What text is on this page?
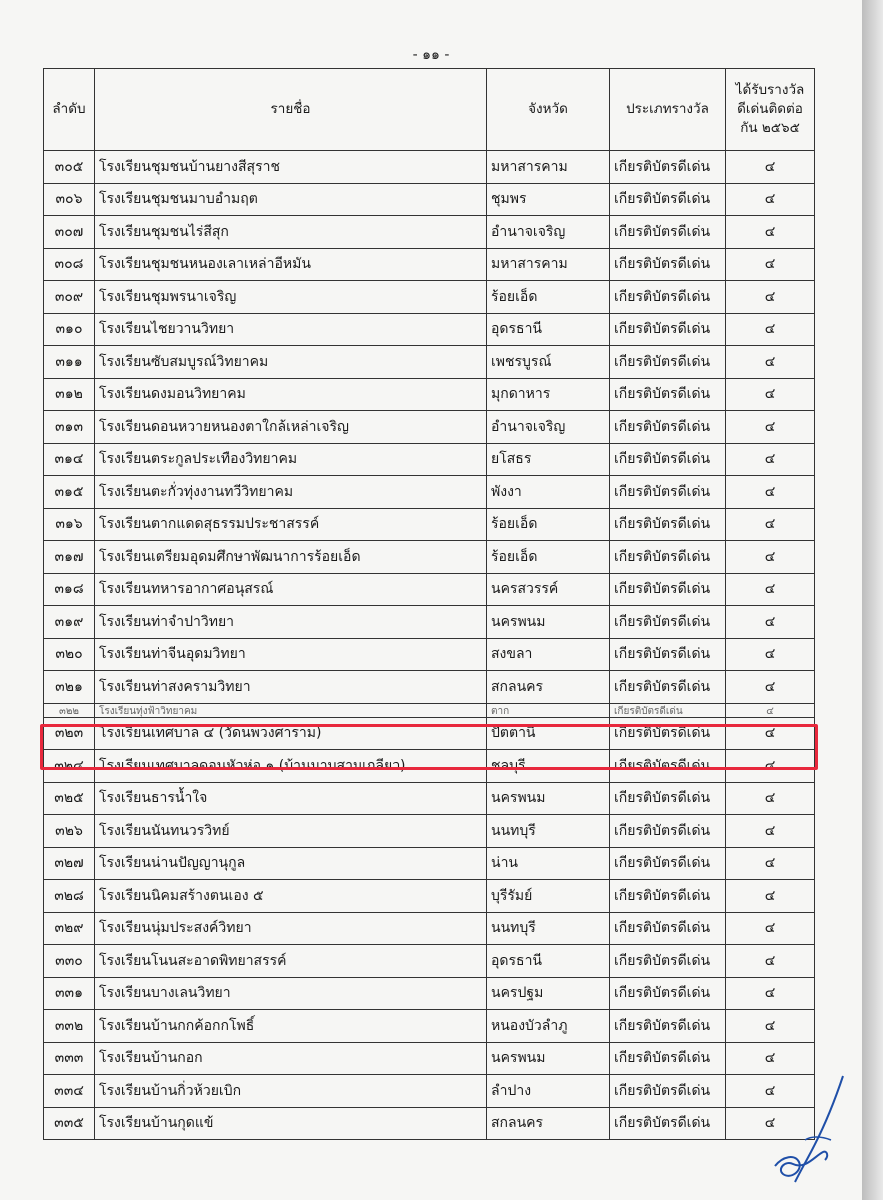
- ๑๑ -
ลำดับ	รายชื่อ	จังหวัด	ประเภทรางวัล	ได้รับรางวัล ดีเด่นติดต่อกัน ๒๕๖๕
๓๐๕	โรงเรียนชุมชนบ้านยางสีสุราช	มหาสารคาม	เกียรติบัตรดีเด่น	๔
๓๐๖	โรงเรียนชุมชนมาบอำมฤต	ชุมพร	เกียรติบัตรดีเด่น	๔
๓๐๗	โรงเรียนชุมชนไร่สีสุก	อำนาจเจริญ	เกียรติบัตรดีเด่น	๔
๓๐๘	โรงเรียนชุมชนหนองเลาเหล่าอีหมัน	มหาสารคาม	เกียรติบัตรดีเด่น	๔
๓๐๙	โรงเรียนชุมพรนาเจริญ	ร้อยเอ็ด	เกียรติบัตรดีเด่น	๔
๓๑๐	โรงเรียนไชยวานวิทยา	อุดรธานี	เกียรติบัตรดีเด่น	๔
๓๑๑	โรงเรียนซับสมบูรณ์วิทยาคม	เพชรบูรณ์	เกียรติบัตรดีเด่น	๔
๓๑๒	โรงเรียนดงมอนวิทยาคม	มุกดาหาร	เกียรติบัตรดีเด่น	๔
๓๑๓	โรงเรียนดอนหวายหนองตาใกล้เหล่าเจริญ	อำนาจเจริญ	เกียรติบัตรดีเด่น	๔
๓๑๔	โรงเรียนตระกูลประเทืองวิทยาคม	ยโสธร	เกียรติบัตรดีเด่น	๔
๓๑๕	โรงเรียนตะกั่วทุ่งงานทวีวิทยาคม	พังงา	เกียรติบัตรดีเด่น	๔
๓๑๖	โรงเรียนตากแดดสุธรรมประชาสรรค์	ร้อยเอ็ด	เกียรติบัตรดีเด่น	๔
๓๑๗	โรงเรียนเตรียมอุดมศึกษาพัฒนาการร้อยเอ็ด	ร้อยเอ็ด	เกียรติบัตรดีเด่น	๔
๓๑๘	โรงเรียนทหารอากาศอนุสรณ์	นครสวรรค์	เกียรติบัตรดีเด่น	๔
๓๑๙	โรงเรียนท่าจำปาวิทยา	นครพนม	เกียรติบัตรดีเด่น	๔
๓๒๐	โรงเรียนท่าจีนอุดมวิทยา	สงขลา	เกียรติบัตรดีเด่น	๔
๓๒๑	โรงเรียนท่าสงครามวิทยา	สกลนคร	เกียรติบัตรดีเด่น	๔
๓๒๒	โรงเรียนทุ่งฟ้าวิทยาคม	ตาก	เกียรติบัตรดีเด่น	๔
๓๒๓	โรงเรียนเทศบาล ๔ (วัดนพวงศาราม)	ปัตตานี	เกียรติบัตรดีเด่น	๔
๓๒๔	โรงเรียนเทศบาลดอนหัวห่อ ๑ (บ้านมาบสามเกลียว)	ชลบุรี	เกียรติบัตรดีเด่น	๔
๓๒๕	โรงเรียนธารน้ำใจ	นครพนม	เกียรติบัตรดีเด่น	๔
๓๒๖	โรงเรียนนันทนวรวิทย์	นนทบุรี	เกียรติบัตรดีเด่น	๔
๓๒๗	โรงเรียนน่านปัญญานุกูล	น่าน	เกียรติบัตรดีเด่น	๔
๓๒๘	โรงเรียนนิคมสร้างตนเอง ๕	บุรีรัมย์	เกียรติบัตรดีเด่น	๔
๓๒๙	โรงเรียนนุ่มประสงค์วิทยา	นนทบุรี	เกียรติบัตรดีเด่น	๔
๓๓๐	โรงเรียนโนนสะอาดพิทยาสรรค์	อุดรธานี	เกียรติบัตรดีเด่น	๔
๓๓๑	โรงเรียนบางเลนวิทยา	นครปฐม	เกียรติบัตรดีเด่น	๔
๓๓๒	โรงเรียนบ้านกกค้อกกโพธิ์	หนองบัวลำภู	เกียรติบัตรดีเด่น	๔
๓๓๓	โรงเรียนบ้านกอก	นครพนม	เกียรติบัตรดีเด่น	๔
๓๓๔	โรงเรียนบ้านกิ่วห้วยเบิก	ลำปาง	เกียรติบัตรดีเด่น	๔
๓๓๕	โรงเรียนบ้านกุดแข้	สกลนคร	เกียรติบัตรดีเด่น	๔
